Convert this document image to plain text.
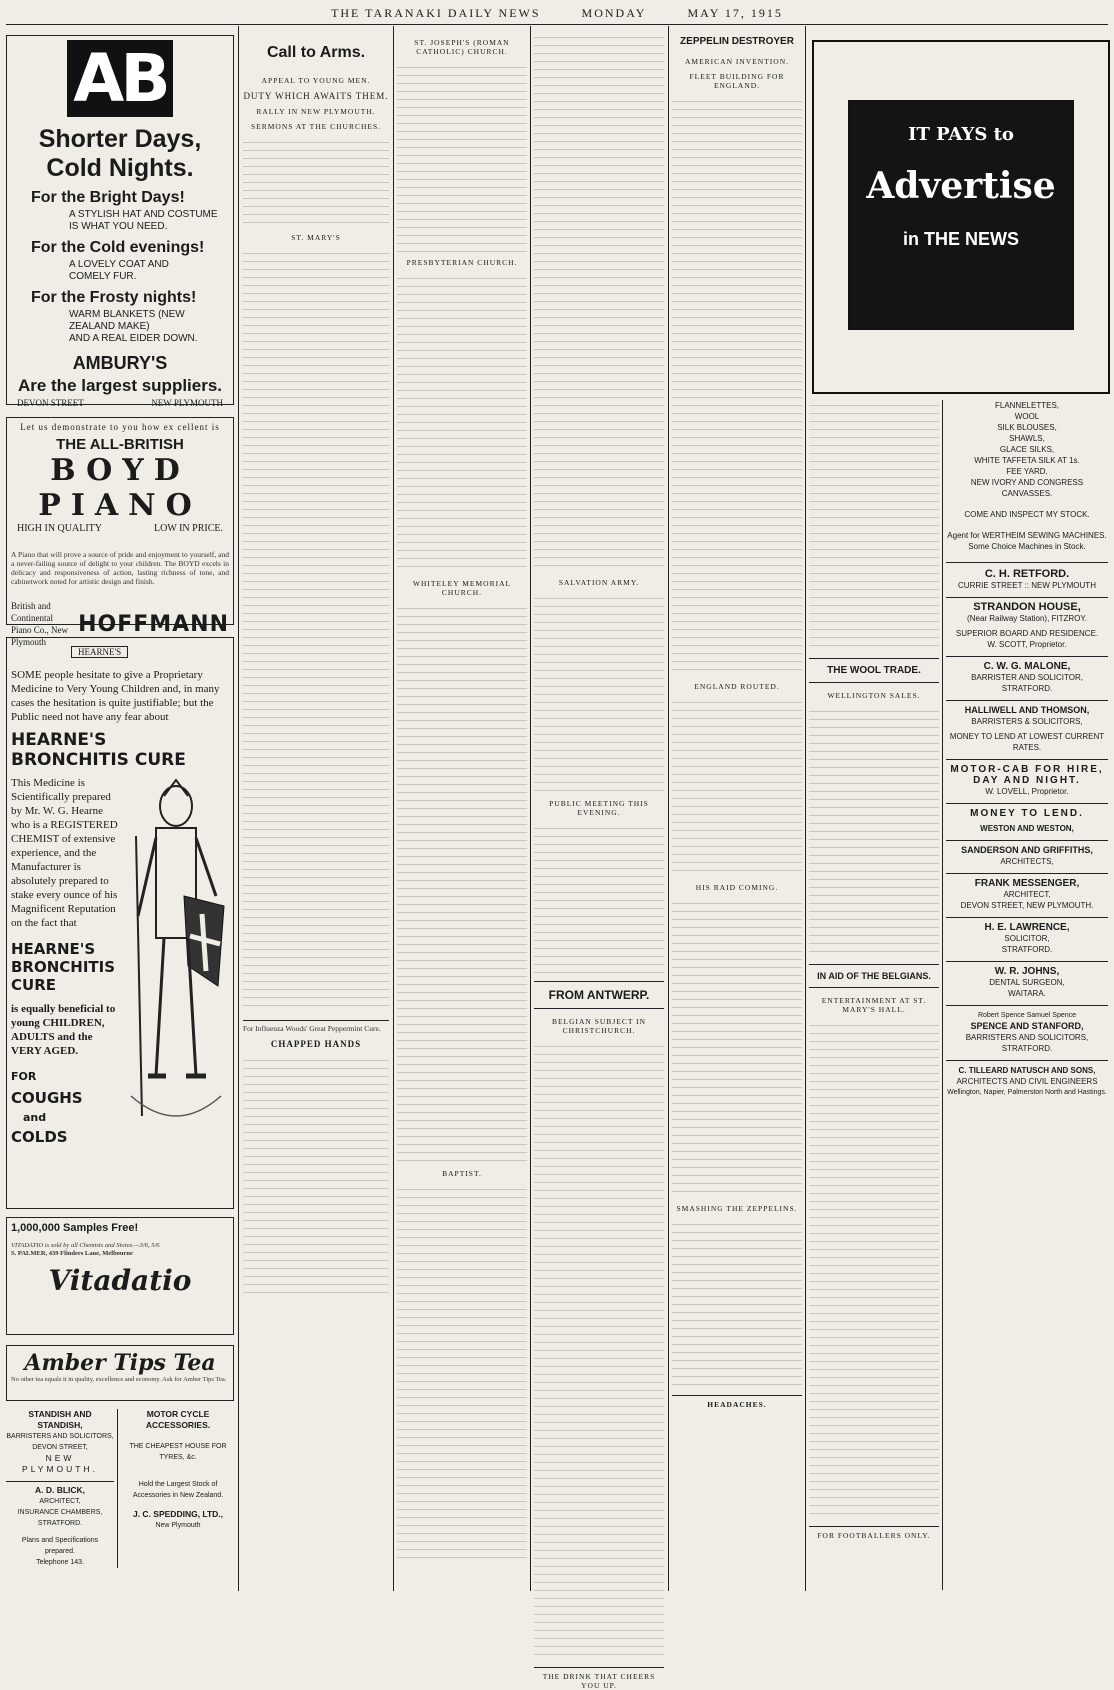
THE TARANAKI DAILY NEWS	MONDAY	MAY 17, 1915
AB
Shorter Days, Cold Nights.
For the Bright Days!
A STYLISH HAT AND COSTUME
IS WHAT YOU NEED.
For the Cold evenings!
A LOVELY COAT AND
COMELY FUR.
For the Frosty nights!
WARM BLANKETS (NEW ZEALAND MAKE)
AND A REAL EIDER DOWN.
AMBURY'S
Are the largest suppliers.
DEVON STREET	NEW PLYMOUTH
Let us demonstrate to you how ex cellent is
THE ALL-BRITISH
BOYD PIANO
HIGH IN QUALITY	LOW IN PRICE.
A Piano that will prove a source of pride and enjoyment to yourself, and a never-failing source of delight to your children. The BOYD excels in delicacy and responsiveness of action, lasting richness of tone, and cabinetwork noted for artistic design and finish.
British and Continental
Piano Co., New Plymouth
HOFFMANN
HEARNE'S
SOME people hesitate to give a Proprietary Medicine to Very Young Children and, in many cases the hesitation is quite justifiable; but the Public need not have any fear about
HEARNE'S BRONCHITIS CURE
This Medicine is Scientifically prepared by Mr. W. G. Hearne who is a REGISTERED CHEMIST of extensive experience, and the Manufacturer is absolutely prepared to stake every ounce of his Magnificent Reputation on the fact that
HEARNE'S
BRONCHITIS
CURE
is equally beneficial to young CHILDREN, ADULTS and the VERY AGED.
FOR
COUGHS
and
COLDS
1,000,000 Samples Free!
VITADATIO is sold by all Chemists and Stores.—3/6, 5/6
S. PALMER, 439 Flinders Lane, Melbourne
Vitadatio
Amber Tips Tea
No other tea equals it in quality, excellence and economy. Ask for Amber Tips Tea.
STANDISH AND STANDISH,
BARRISTERS AND SOLICITORS,
DEVON STREET,
NEW PLYMOUTH.
A. D. BLICK,
ARCHITECT,
INSURANCE CHAMBERS,
STRATFORD.
Plans and Specifications prepared.
Telephone 143.
MOTOR CYCLE ACCESSORIES.
THE CHEAPEST HOUSE FOR TYRES, &c.
Hold the Largest Stock of Accessories in New Zealand.
J. C. SPEDDING, LTD.,
New Plymouth
Call to Arms.
APPEAL TO YOUNG MEN.
DUTY WHICH AWAITS THEM.
RALLY IN NEW PLYMOUTH.
SERMONS AT THE CHURCHES.
ST. MARY'S
For Influenza Woods' Great Peppermint Cure.
CHAPPED HANDS
ST. JOSEPH'S (ROMAN CATHOLIC) CHURCH.
PRESBYTERIAN CHURCH.
WHITELEY MEMORIAL CHURCH.
BAPTIST.
SALVATION ARMY.
PUBLIC MEETING THIS EVENING.
FROM ANTWERP.
BELGIAN SUBJECT IN CHRISTCHURCH.
THE DRINK THAT CHEERS YOU UP.
ZEPPELIN DESTROYER
AMERICAN INVENTION.
FLEET BUILDING FOR ENGLAND.
ENGLAND ROUTED.
HIS RAID COMING.
SMASHING THE ZEPPELINS.
HEADACHES.
THE WOOL TRADE.
WELLINGTON SALES.
IN AID OF THE BELGIANS.
ENTERTAINMENT AT ST. MARY'S HALL.
FOR FOOTBALLERS ONLY.
IT PAYS to
Advertise
in THE NEWS
FLANNELETTES,
WOOL
SILK BLOUSES,
SHAWLS,
GLACE SILKS,
WHITE TAFFETA SILK AT 1s.
FEE YARD.
NEW IVORY AND CONGRESS
CANVASSES.
COME AND INSPECT MY STOCK.
Agent for WERTHEIM SEWING MACHINES. Some Choice Machines in Stock.
C. H. RETFORD.
CURRIE STREET :: NEW PLYMOUTH
STRANDON HOUSE,
(Near Railway Station), FITZROY.
SUPERIOR BOARD AND RESIDENCE.
W. SCOTT, Proprietor.
C. W. G. MALONE,
BARRISTER AND SOLICITOR,
STRATFORD.
HALLIWELL AND THOMSON,
BARRISTERS & SOLICITORS,
MONEY TO LEND AT LOWEST CURRENT RATES.
MOTOR-CAB FOR HIRE, DAY AND NIGHT.
W. LOVELL, Proprietor.
MONEY TO LEND.
WESTON AND WESTON,
SANDERSON AND GRIFFITHS,
ARCHITECTS,
FRANK MESSENGER,
ARCHITECT,
DEVON STREET, NEW PLYMOUTH.
H. E. LAWRENCE,
SOLICITOR,
STRATFORD.
W. R. JOHNS,
DENTAL SURGEON,
WAITARA.
Robert Spence Samuel Spence
SPENCE AND STANFORD,
BARRISTERS AND SOLICITORS,
STRATFORD.
C. TILLEARD NATUSCH AND SONS,
ARCHITECTS AND CIVIL ENGINEERS
Wellington, Napier, Palmerston North and Hastings.
